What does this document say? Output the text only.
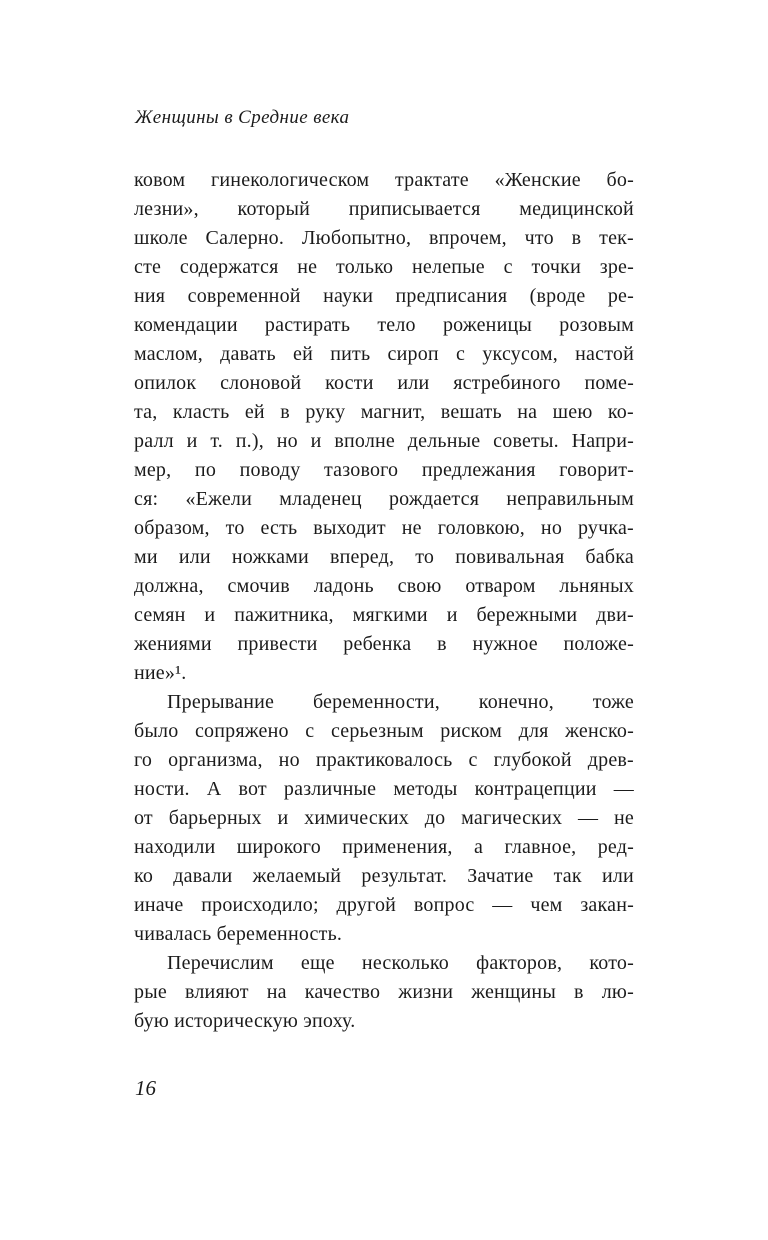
Женщины в Средние века
ковом гинекологическом трактате «Женские бо-
лезни», который приписывается медицинской
школе Салерно. Любопытно, впрочем, что в тек-
сте содержатся не только нелепые с точки зре-
ния современной науки предписания (вроде ре-
комендации растирать тело роженицы розовым
маслом, давать ей пить сироп с уксусом, настой
опилок слоновой кости или ястребиного поме-
та, класть ей в руку магнит, вешать на шею ко-
ралл и т. п.), но и вполне дельные советы. Напри-
мер, по поводу тазового предлежания говорит-
ся: «Ежели младенец рождается неправильным
образом, то есть выходит не головкою, но ручка-
ми или ножками вперед, то повивальная бабка
должна, смочив ладонь свою отваром льняных
семян и пажитника, мягкими и бережными дви-
жениями привести ребенка в нужное положе-
ние»¹.
Прерывание беременности, конечно, тоже
было сопряжено с серьезным риском для женско-
го организма, но практиковалось с глубокой древ-
ности. А вот различные методы контрацепции —
от барьерных и химических до магических — не
находили широкого применения, а главное, ред-
ко давали желаемый результат. Зачатие так или
иначе происходило; другой вопрос — чем закан-
чивалась беременность.
Перечислим еще несколько факторов, кото-
рые влияют на качество жизни женщины в лю-
бую историческую эпоху.
16
